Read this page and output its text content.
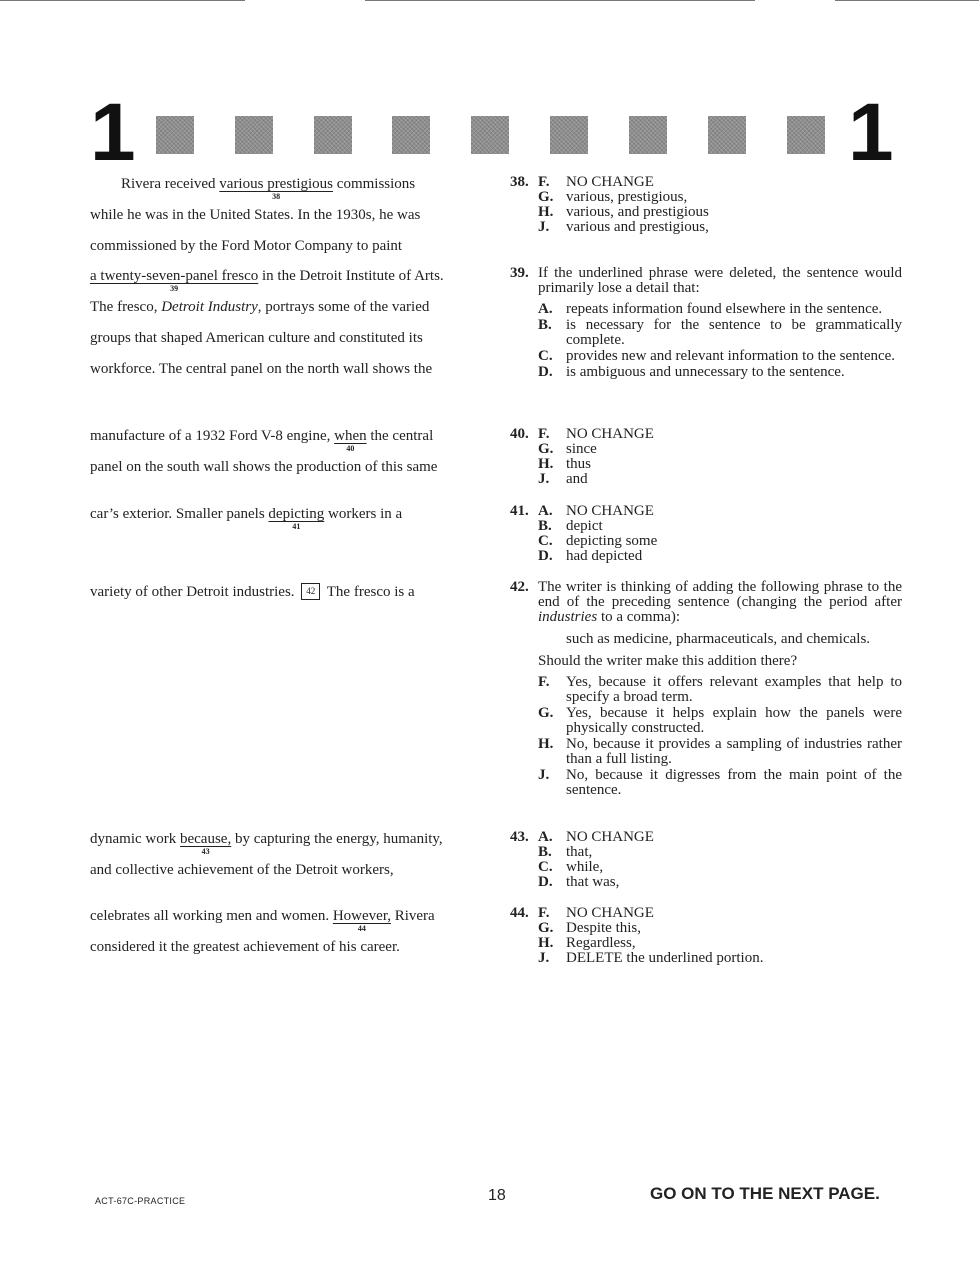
1	1
Rivera received various prestigious
38
commissions
while he was in the United States. In the 1930s, he was
commissioned by the Ford Motor Company to paint
a twenty-seven-panel fresco
39
in the Detroit Institute of Arts.
The fresco, Detroit Industry, portrays some of the varied
groups that shaped American culture and constituted its
workforce. The central panel on the north wall shows the
manufacture of a 1932 Ford V-8 engine, when
40
the central
panel on the south wall shows the production of this same
car’s exterior. Smaller panels depicting
41
workers in a
variety of other Detroit industries. 42 The fresco is a
dynamic work because,
43
by capturing the energy, humanity,
and collective achievement of the Detroit workers,
celebrates all working men and women. However,
44
Rivera
considered it the greatest achievement of his career.
38. F.	NO CHANGE
G. various, prestigious,
H. various, and prestigious
J.	various and prestigious,
39. If the underlined phrase were deleted, the sentence would primarily lose a detail that:
A. repeats information found elsewhere in the sentence.
B. is necessary for the sentence to be grammatically complete.
C. provides new and relevant information to the sentence.
D. is ambiguous and unnecessary to the sentence.
40. F.	NO CHANGE
G. since
H. thus
J.	and
41. A. NO CHANGE
B. depict
C. depicting some
D. had depicted
42. The writer is thinking of adding the following phrase to the end of the preceding sentence (changing the period after industries to a comma):
such as medicine, pharmaceuticals, and chemicals.
Should the writer make this addition there?
F.	Yes, because it offers relevant examples that help to specify a broad term.
G. Yes, because it helps explain how the panels were physically constructed.
H. No, because it provides a sampling of industries rather than a full listing.
J.	No, because it digresses from the main point of the sentence.
43. A. NO CHANGE
B. that,
C. while,
D. that was,
44. F.	NO CHANGE
G. Despite this,
H. Regardless,
J.	DELETE the underlined portion.
ACT-67C-PRACTICE	18	GO ON TO THE NEXT PAGE.
